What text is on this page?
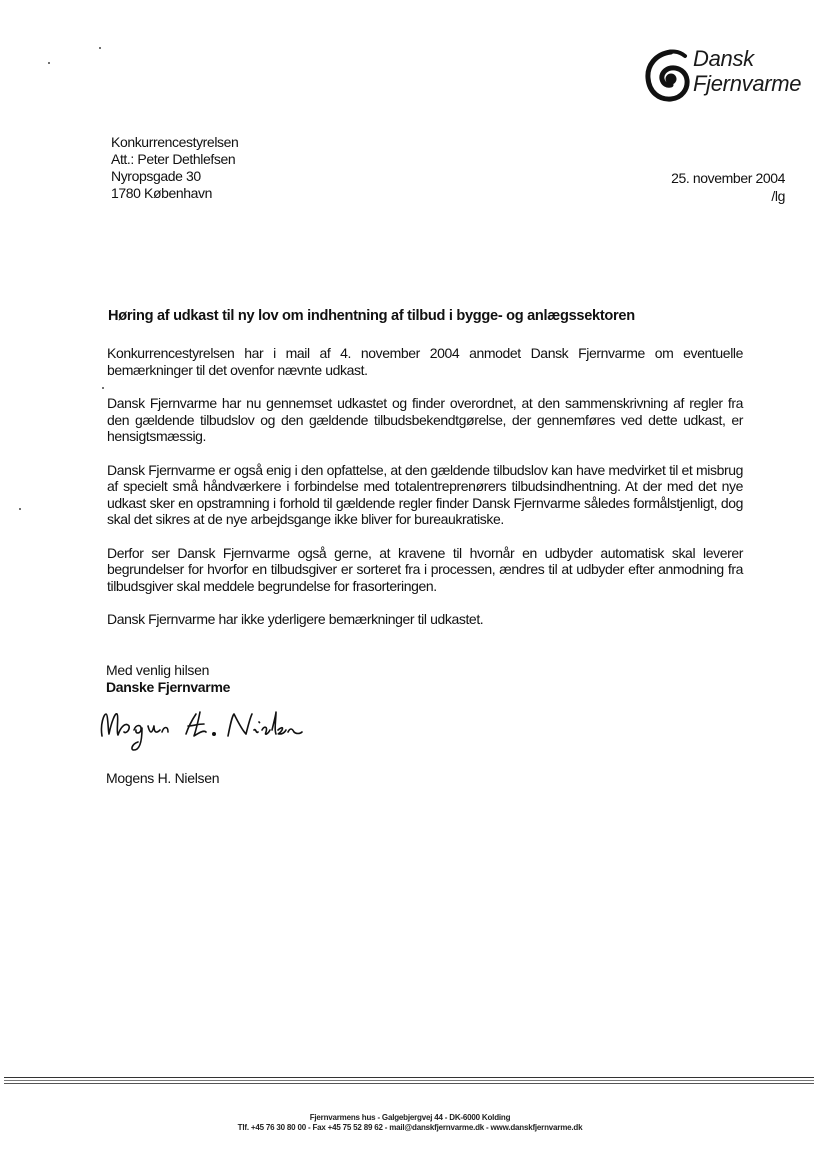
Dansk
Fjernvarme
Konkurrencestyrelsen
Att.: Peter Dethlefsen
Nyropsgade 30
1780 København
25. november 2004
/lg
Høring af udkast til ny lov om indhentning af tilbud i bygge- og anlægssektoren

Konkurrencestyrelsen har i mail af 4. november 2004 anmodet Dansk Fjernvarme om eventuelle bemærkninger til det ovenfor nævnte udkast.

Dansk Fjernvarme har nu gennemset udkastet og finder overordnet, at den sammenskrivning af regler fra den gældende tilbudslov og den gældende tilbudsbekendtgørelse, der gennemføres ved dette udkast, er hensigtsmæssig.

Dansk Fjernvarme er også enig i den opfattelse, at den gældende tilbudslov kan have medvirket til et misbrug af specielt små håndværkere i forbindelse med totalentreprenørers tilbudsindhentning. At der med det nye udkast sker en opstramning i forhold til gældende regler finder Dansk Fjernvarme således formålstjenligt, dog skal det sikres at de nye arbejdsgange ikke bliver for bureaukratiske.

Derfor ser Dansk Fjernvarme også gerne, at kravene til hvornår en udbyder automatisk skal leverer begrundelser for hvorfor en tilbudsgiver er sorteret fra i processen, ændres til at udbyder efter anmodning fra tilbudsgiver skal meddele begrundelse for frasorteringen.

Dansk Fjernvarme har ikke yderligere bemærkninger til udkastet.

Med venlig hilsen
Danske Fjernvarme
Mogens H. Nielsen
Fjernvarmens hus - Galgebjergvej 44 - DK-6000 Kolding
Tlf. +45 76 30 80 00 - Fax +45 75 52 89 62 - mail@danskfjernvarme.dk - www.danskfjernvarme.dk
